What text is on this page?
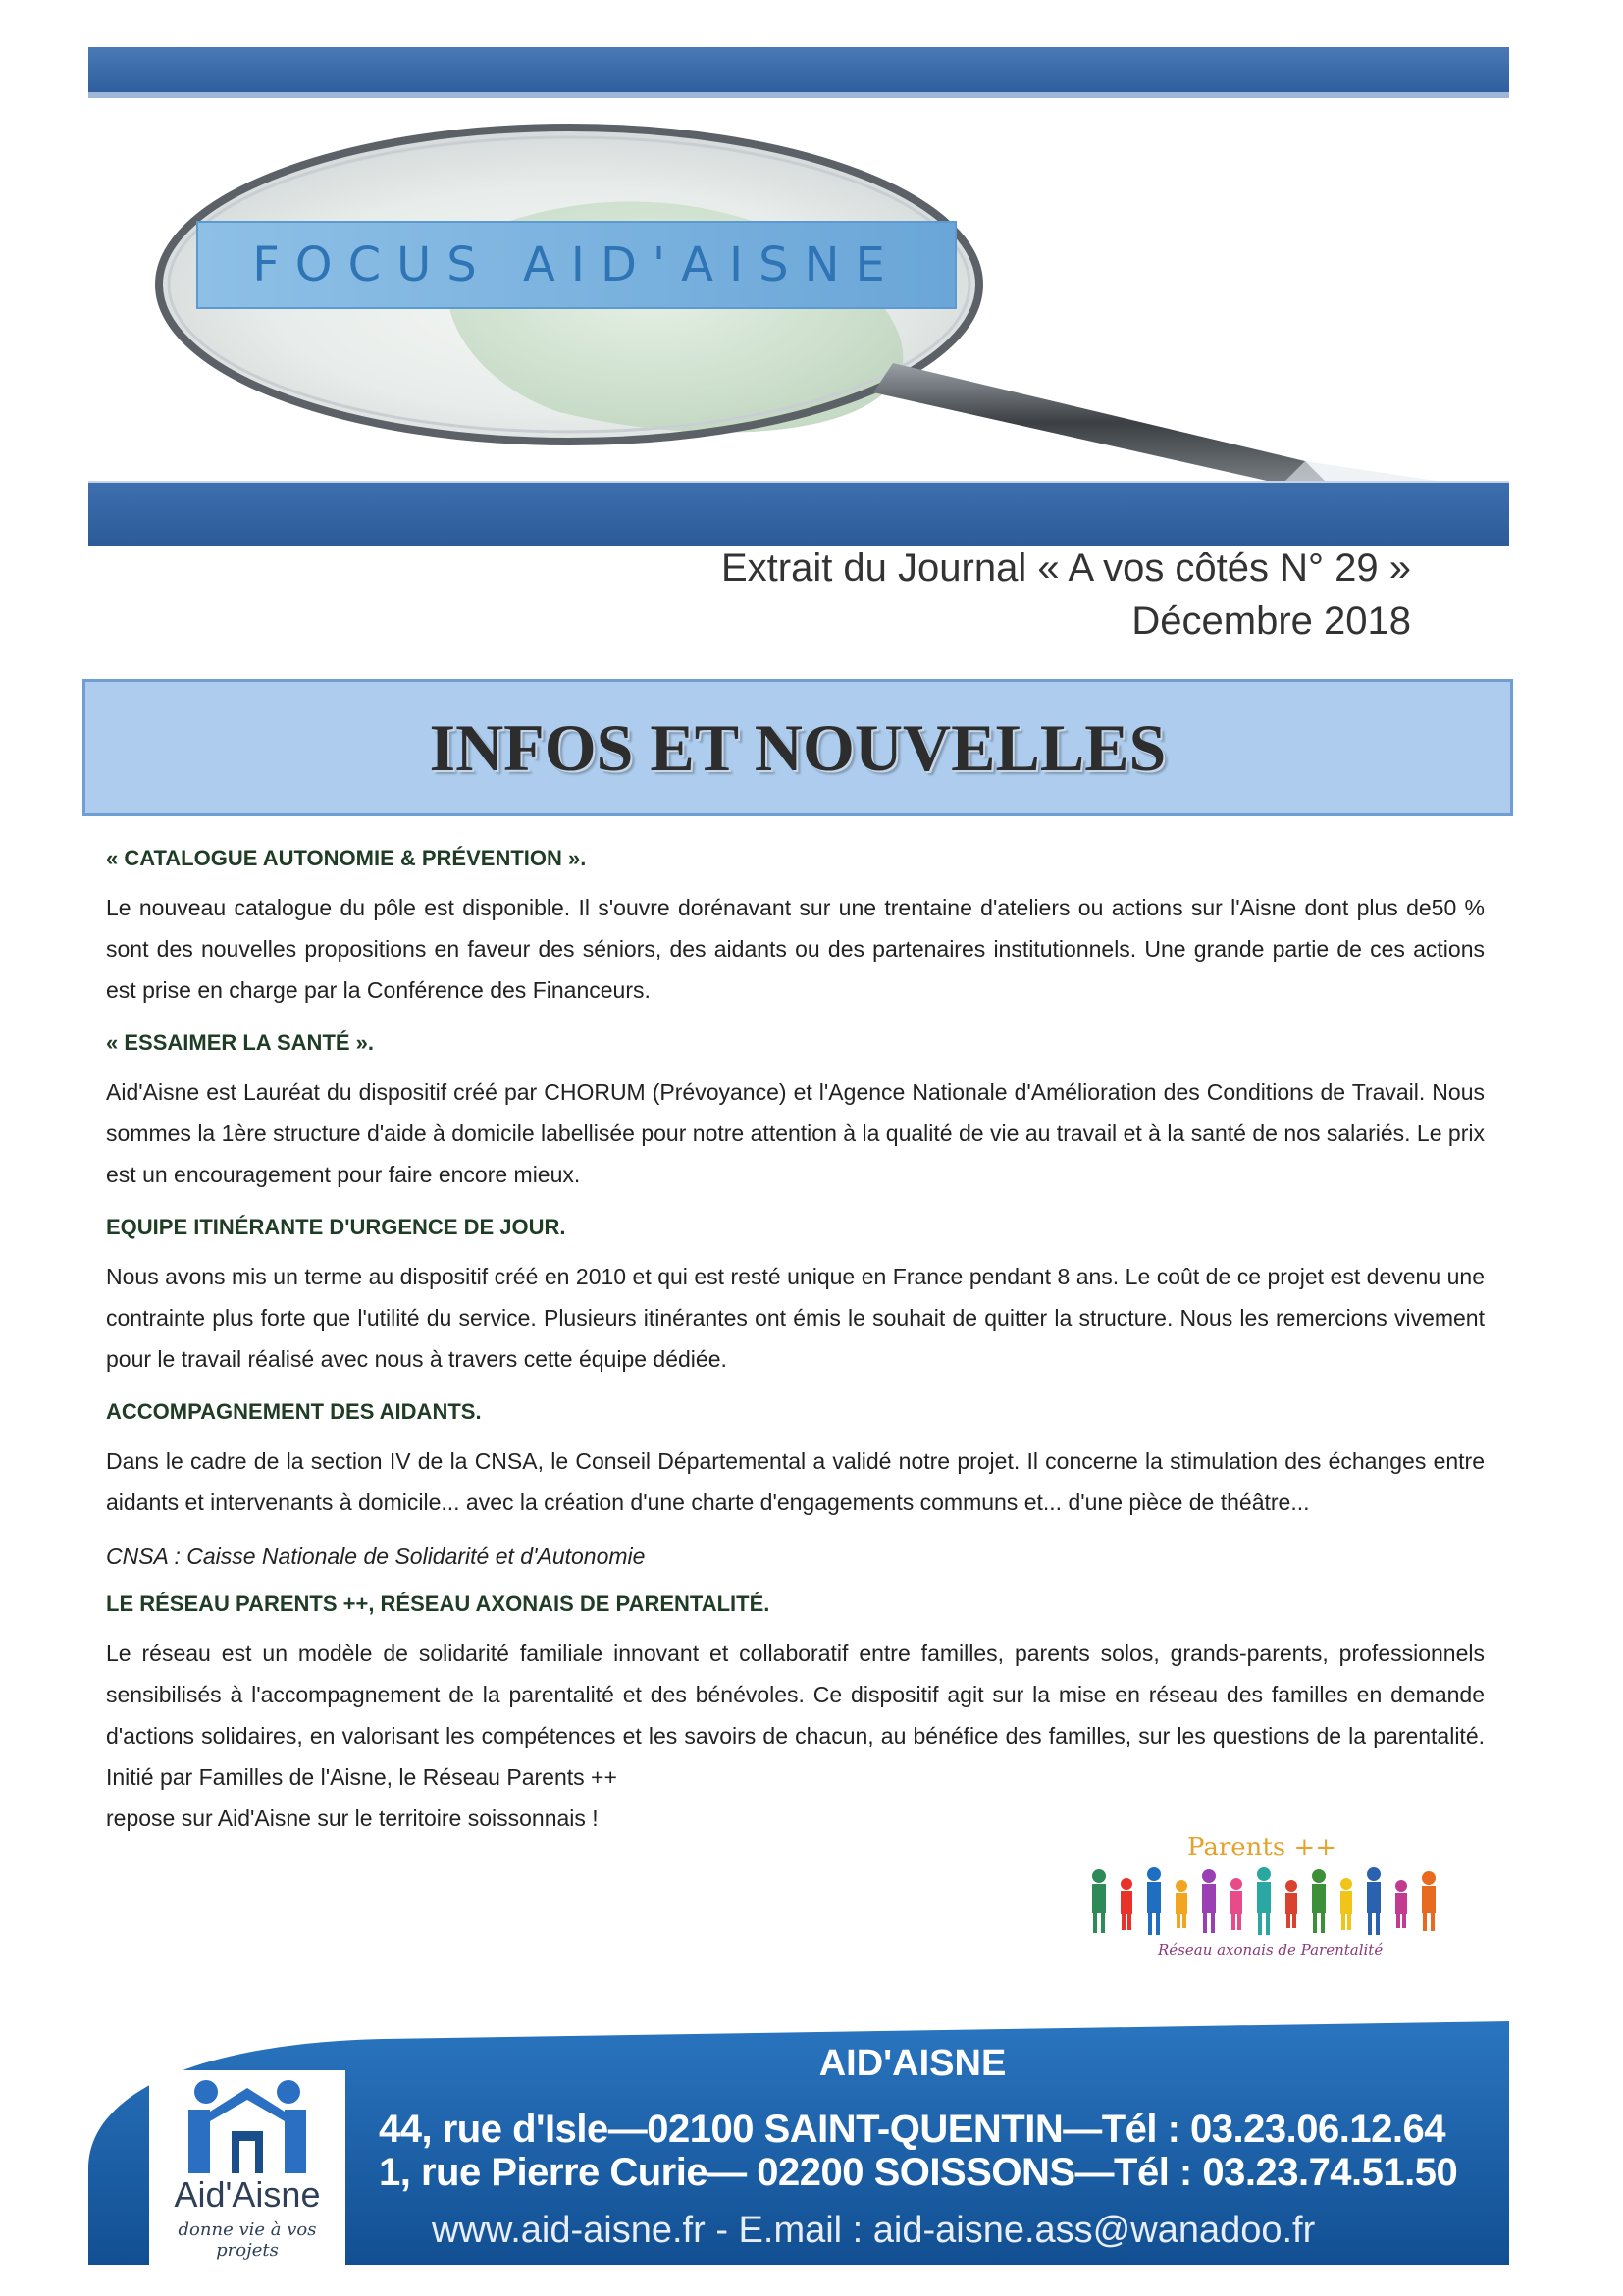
FOCUS AID'AISNE
Extrait du Journal « A vos côtés N° 29 »
Décembre 2018
INFOS ET NOUVELLES

« CATALOGUE AUTONOMIE & PRÉVENTION ».

Le nouveau catalogue du pôle est disponible. Il s'ouvre dorénavant sur une trentaine d'ateliers ou actions sur l'Aisne dont plus de50 % sont des nouvelles propositions en faveur des séniors, des aidants ou des partenaires institutionnels. Une grande partie de ces actions est prise en charge par la Conférence des Financeurs.

« ESSAIMER LA SANTÉ ».

Aid'Aisne est Lauréat du dispositif créé par CHORUM (Prévoyance) et l'Agence Nationale d'Amélioration des Conditions de Travail. Nous sommes la 1ère structure d'aide à domicile labellisée pour notre attention à la qualité de vie au travail et à la santé de nos salariés. Le prix est un encouragement pour faire encore mieux.

EQUIPE ITINÉRANTE D'URGENCE DE JOUR.

Nous avons mis un terme au dispositif créé en 2010 et qui est resté unique en France pendant 8 ans. Le coût de ce projet est devenu une contrainte plus forte que l'utilité du service. Plusieurs itinérantes ont émis le souhait de quitter la structure. Nous les remercions vivement pour le travail réalisé avec nous à travers cette équipe dédiée.

ACCOMPAGNEMENT DES AIDANTS.

Dans le cadre de la section IV de la CNSA, le Conseil Départemental a validé notre projet. Il concerne la stimulation des échanges entre aidants et intervenants à domicile... avec la création d'une charte d'engagements communs et... d'une pièce de théâtre...

CNSA : Caisse Nationale de Solidarité et d'Autonomie

LE RÉSEAU PARENTS ++, RÉSEAU AXONAIS DE PARENTALITÉ.

Le réseau est un modèle de solidarité familiale innovant et collaboratif entre familles, parents solos, grands-parents, professionnels sensibilisés à l'accompagnement de la parentalité et des bénévoles. Ce dispositif agit sur la mise en réseau des familles en demande d'actions solidaires, en valorisant les compétences et les savoirs de chacun, au bénéfice des familles, sur les questions de la parentalité. Initié par Familles de l'Aisne, le Réseau Parents ++

repose sur Aid'Aisne sur le territoire soissonnais !

Parents ++
Réseau axonais de Parentalité
Aid'Aisne
donne vie à vos projets
AID'AISNE
44, rue d'Isle—02100 SAINT-QUENTIN—Tél : 03.23.06.12.64
1, rue Pierre Curie— 02200 SOISSONS—Tél : 03.23.74.51.50
www.aid-aisne.fr - E.mail : aid-aisne.ass@wanadoo.fr
